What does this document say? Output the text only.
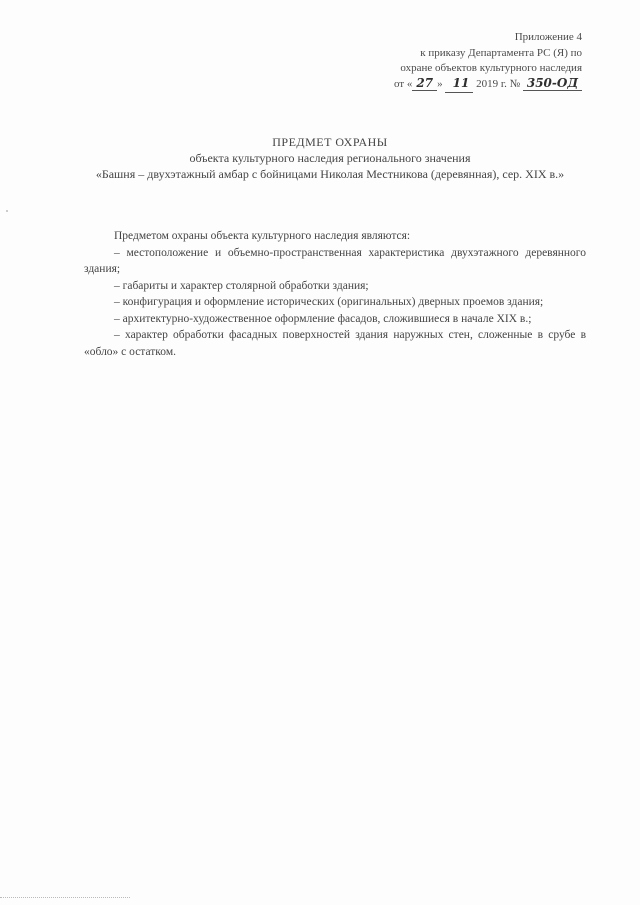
Приложение 4
к приказу Департамента РС (Я) по
охране объектов культурного наследия
от « 27 » 11 2019 г. № 350-ОД
ПРЕДМЕТ ОХРАНЫ
объекта культурного наследия регионального значения
«Башня – двухэтажный амбар с бойницами Николая Местникова (деревянная), сер. XIX в.»

Предметом охраны объекта культурного наследия являются:

– местоположение и объемно-пространственная характеристика двухэтажного деревянного здания;

– габариты и характер столярной обработки здания;

– конфигурация и оформление исторических (оригинальных) дверных проемов здания;

– архитектурно-художественное оформление фасадов, сложившиеся в начале XIX в.;

– характер обработки фасадных поверхностей здания наружных стен, сложенные в срубе в «обло» с остатком.
